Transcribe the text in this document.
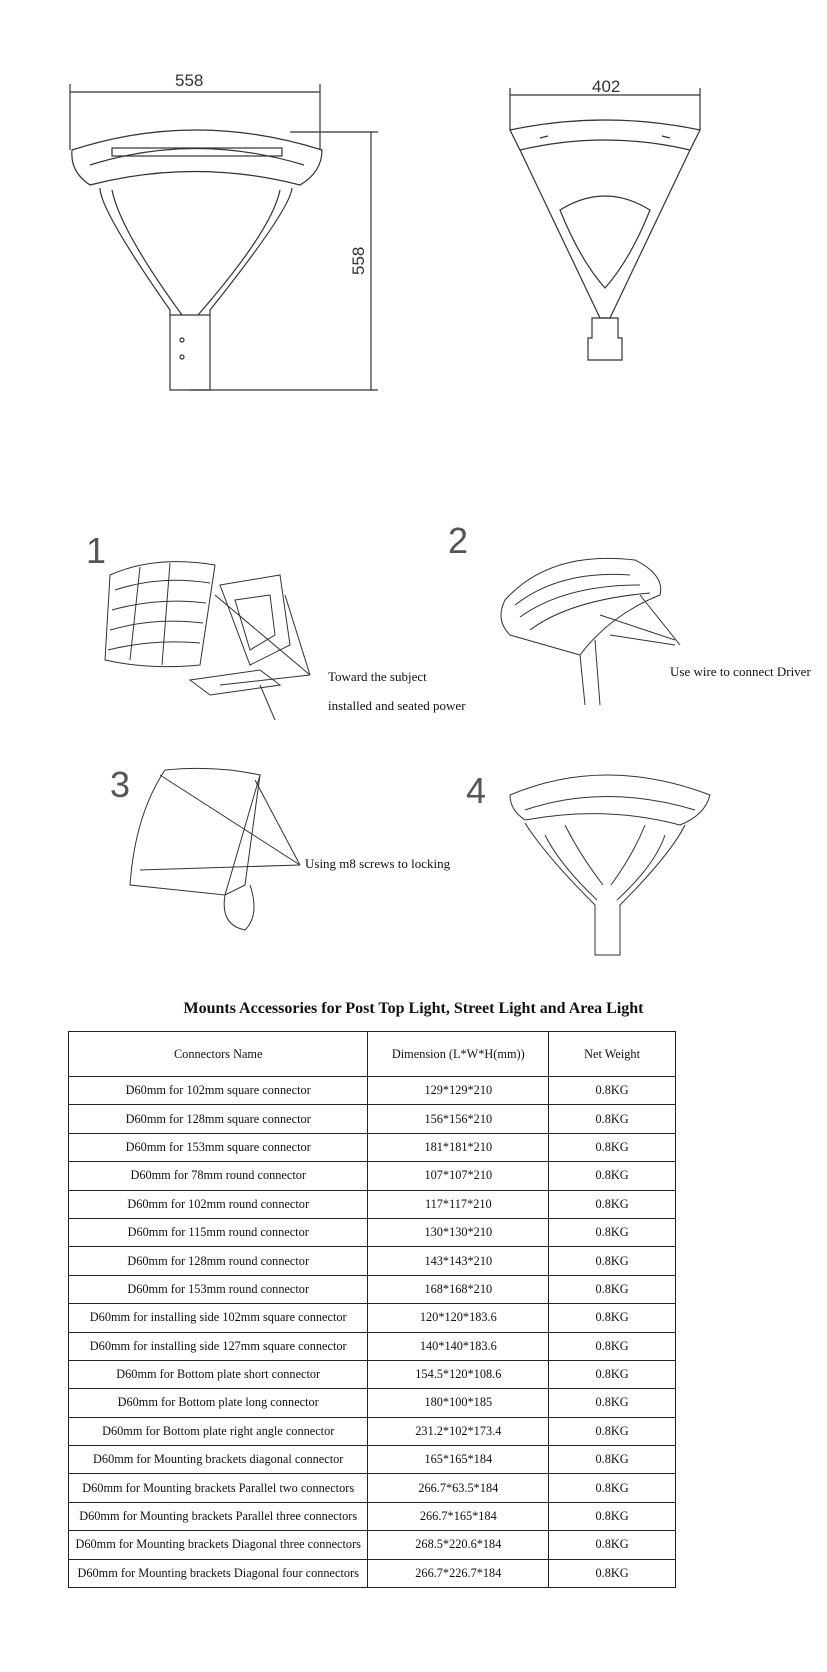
558
558
402
1	2
3	4
Toward the subject
installed and seated power
Use wire to connect Driver
Using m8 screws to locking
Mounts Accessories for Post Top Light, Street Light and Area Light
Connectors Name	Dimension (L*W*H(mm))	Net Weight
D60mm for 102mm square connector	129*129*210	0.8KG
D60mm for 128mm square connector	156*156*210	0.8KG
D60mm for 153mm square connector	181*181*210	0.8KG
D60mm for 78mm round connector	107*107*210	0.8KG
D60mm for 102mm round connector	117*117*210	0.8KG
D60mm for 115mm round connector	130*130*210	0.8KG
D60mm for 128mm round connector	143*143*210	0.8KG
D60mm for 153mm round connector	168*168*210	0.8KG
D60mm for installing side 102mm square connector	120*120*183.6	0.8KG
D60mm for installing side 127mm square connector	140*140*183.6	0.8KG
D60mm for Bottom plate short connector	154.5*120*108.6	0.8KG
D60mm for Bottom plate long connector	180*100*185	0.8KG
D60mm for Bottom plate right angle connector	231.2*102*173.4	0.8KG
D60mm for Mounting brackets diagonal connector	165*165*184	0.8KG
D60mm for Mounting brackets Parallel two connectors	266.7*63.5*184	0.8KG
D60mm for Mounting brackets Parallel three connectors	266.7*165*184	0.8KG
D60mm for Mounting brackets Diagonal three connectors	268.5*220.6*184	0.8KG
D60mm for Mounting brackets Diagonal four connectors	266.7*226.7*184	0.8KG
